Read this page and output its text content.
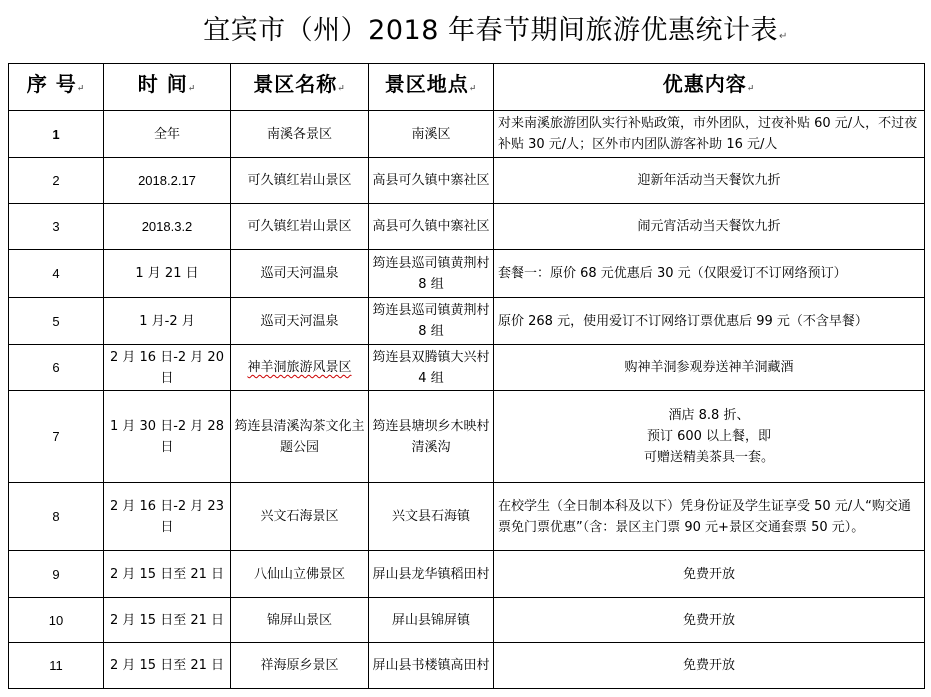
宜宾市（州）2018 年春节期间旅游优惠统计表↵
序 号↵	时 间↵	景区名称↵	景区地点↵	优惠内容↵
1	全年	南溪各景区	南溪区	对来南溪旅游团队实行补贴政策，市外团队，过夜补贴 60 元/人，不过夜补贴 30 元/人；区外市内团队游客补助 16 元/人
2	2018.2.17	可久镇红岩山景区	高县可久镇中寨社区	迎新年活动当天餐饮九折
3	2018.3.2	可久镇红岩山景区	高县可久镇中寨社区	闹元宵活动当天餐饮九折
4	1 月 21 日	巡司天河温泉	筠连县巡司镇黄荆村 8 组	套餐一：原价 68 元优惠后 30 元（仅限爱订不订网络预订）
5	1 月-2 月	巡司天河温泉	筠连县巡司镇黄荆村 8 组	原价 268 元，使用爱订不订网络订票优惠后 99 元（不含早餐）
6	2 月 16 日-2 月 20 日	神羊洞旅游风景区	筠连县双腾镇大兴村 4 组	购神羊洞参观券送神羊洞藏酒
7	1 月 30 日-2 月 28 日	筠连县清溪沟茶文化主题公园	筠连县塘坝乡木映村清溪沟	酒店 8.8 折、
预订 600 以上餐，即
可赠送精美茶具一套。
8	2 月 16 日-2 月 23 日	兴文石海景区	兴文县石海镇	在校学生（全日制本科及以下）凭身份证及学生证享受 50 元/人“购交通票免门票优惠”（含：景区主门票 90 元+景区交通套票 50 元）。
9	2 月 15 日至 21 日	八仙山立佛景区	屏山县龙华镇稻田村	免费开放
10	2 月 15 日至 21 日	锦屏山景区	屏山县锦屏镇	免费开放
11	2 月 15 日至 21 日	祥海原乡景区	屏山县书楼镇高田村	免费开放
